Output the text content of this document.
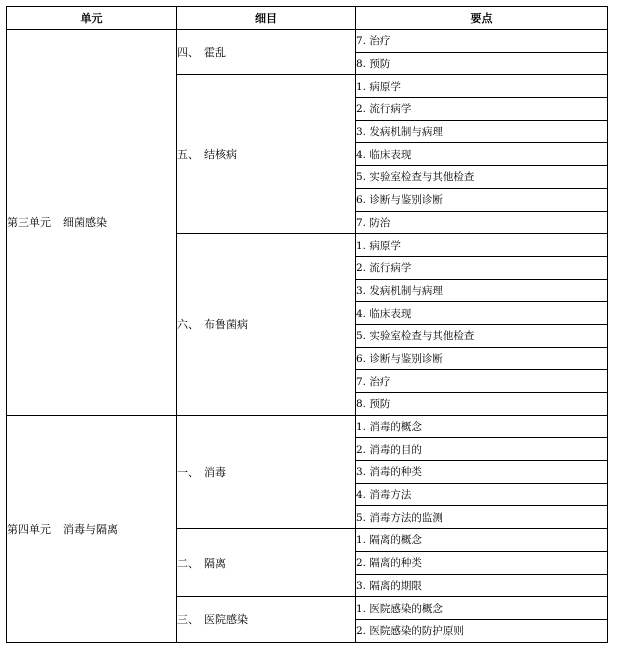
单元	细目	要点
第三单元 细菌感染	四、 霍乱	7. 治疗
		8. 预防
	五、 结核病	1. 病原学
		2. 流行病学
		3. 发病机制与病理
		4. 临床表现
		5. 实验室检查与其他检查
		6. 诊断与鉴别诊断
		7. 防治
	六、 布鲁菌病	1. 病原学
		2. 流行病学
		3. 发病机制与病理
		4. 临床表现
		5. 实验室检查与其他检查
		6. 诊断与鉴别诊断
		7. 治疗
		8. 预防
第四单元 消毒与隔离	一、 消毒	1. 消毒的概念
		2. 消毒的目的
		3. 消毒的种类
		4. 消毒方法
		5. 消毒方法的监测
	二、 隔离	1. 隔离的概念
		2. 隔离的种类
		3. 隔离的期限
	三、 医院感染	1. 医院感染的概念
		2. 医院感染的防护原则
